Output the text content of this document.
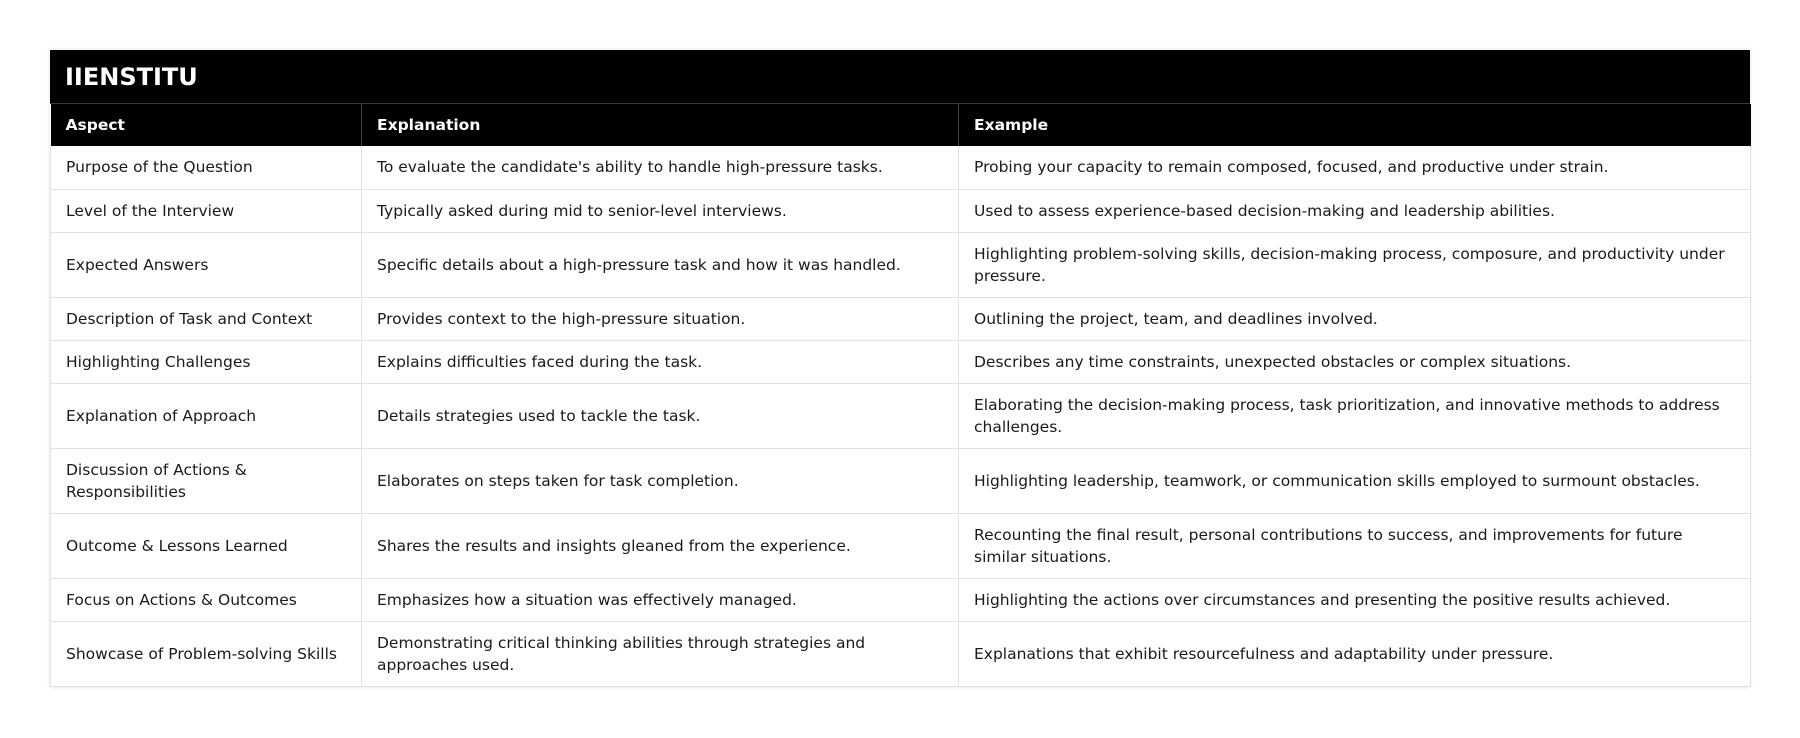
IIENSTITU
Aspect	Explanation	Example
Purpose of the Question	To evaluate the candidate's ability to handle high-pressure tasks.	Probing your capacity to remain composed, focused, and productive under strain.
Level of the Interview	Typically asked during mid to senior-level interviews.	Used to assess experience-based decision-making and leadership abilities.
Expected Answers	Specific details about a high-pressure task and how it was handled.	Highlighting problem-solving skills, decision-making process, composure, and productivity under pressure.
Description of Task and Context	Provides context to the high-pressure situation.	Outlining the project, team, and deadlines involved.
Highlighting Challenges	Explains difficulties faced during the task.	Describes any time constraints, unexpected obstacles or complex situations.
Explanation of Approach	Details strategies used to tackle the task.	Elaborating the decision-making process, task prioritization, and innovative methods to address challenges.
Discussion of Actions & Responsibilities	Elaborates on steps taken for task completion.	Highlighting leadership, teamwork, or communication skills employed to surmount obstacles.
Outcome & Lessons Learned	Shares the results and insights gleaned from the experience.	Recounting the final result, personal contributions to success, and improvements for future similar situations.
Focus on Actions & Outcomes	Emphasizes how a situation was effectively managed.	Highlighting the actions over circumstances and presenting the positive results achieved.
Showcase of Problem-solving Skills	Demonstrating critical thinking abilities through strategies and approaches used.	Explanations that exhibit resourcefulness and adaptability under pressure.
